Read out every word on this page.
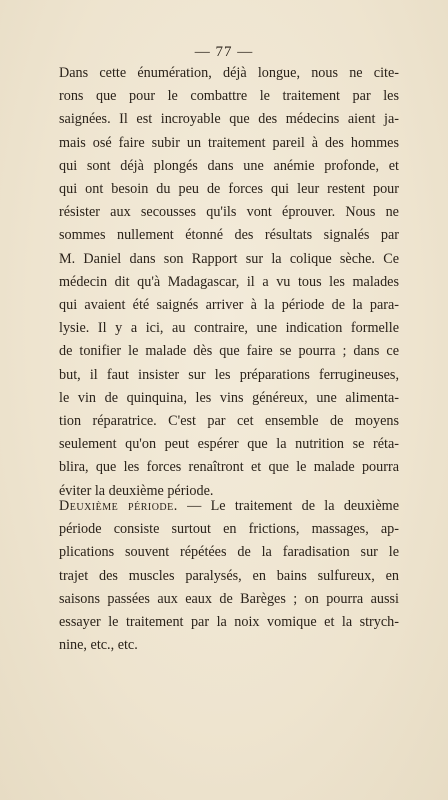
— 77 —
Dans cette énumération, déjà longue, nous ne cite-
rons que pour le combattre le traitement par les
saignées. Il est incroyable que des médecins aient ja-
mais osé faire subir un traitement pareil à des hommes
qui sont déjà plongés dans une anémie profonde, et
qui ont besoin du peu de forces qui leur restent pour
résister aux secousses qu'ils vont éprouver. Nous ne
sommes nullement étonné des résultats signalés par
M. Daniel dans son Rapport sur la colique sèche. Ce
médecin dit qu'à Madagascar, il a vu tous les malades
qui avaient été saignés arriver à la période de la para-
lysie. Il y a ici, au contraire, une indication formelle
de tonifier le malade dès que faire se pourra ; dans ce
but, il faut insister sur les préparations ferrugineuses,
le vin de quinquina, les vins généreux, une alimenta-
tion réparatrice. C'est par cet ensemble de moyens
seulement qu'on peut espérer que la nutrition se réta-
blira, que les forces renaîtront et que le malade pourra
éviter la deuxième période.
Deuxième période. — Le traitement de la deuxième
période consiste surtout en frictions, massages, ap-
plications souvent répétées de la faradisation sur le
trajet des muscles paralysés, en bains sulfureux, en
saisons passées aux eaux de Barèges ; on pourra aussi
essayer le traitement par la noix vomique et la strych-
nine, etc., etc.
